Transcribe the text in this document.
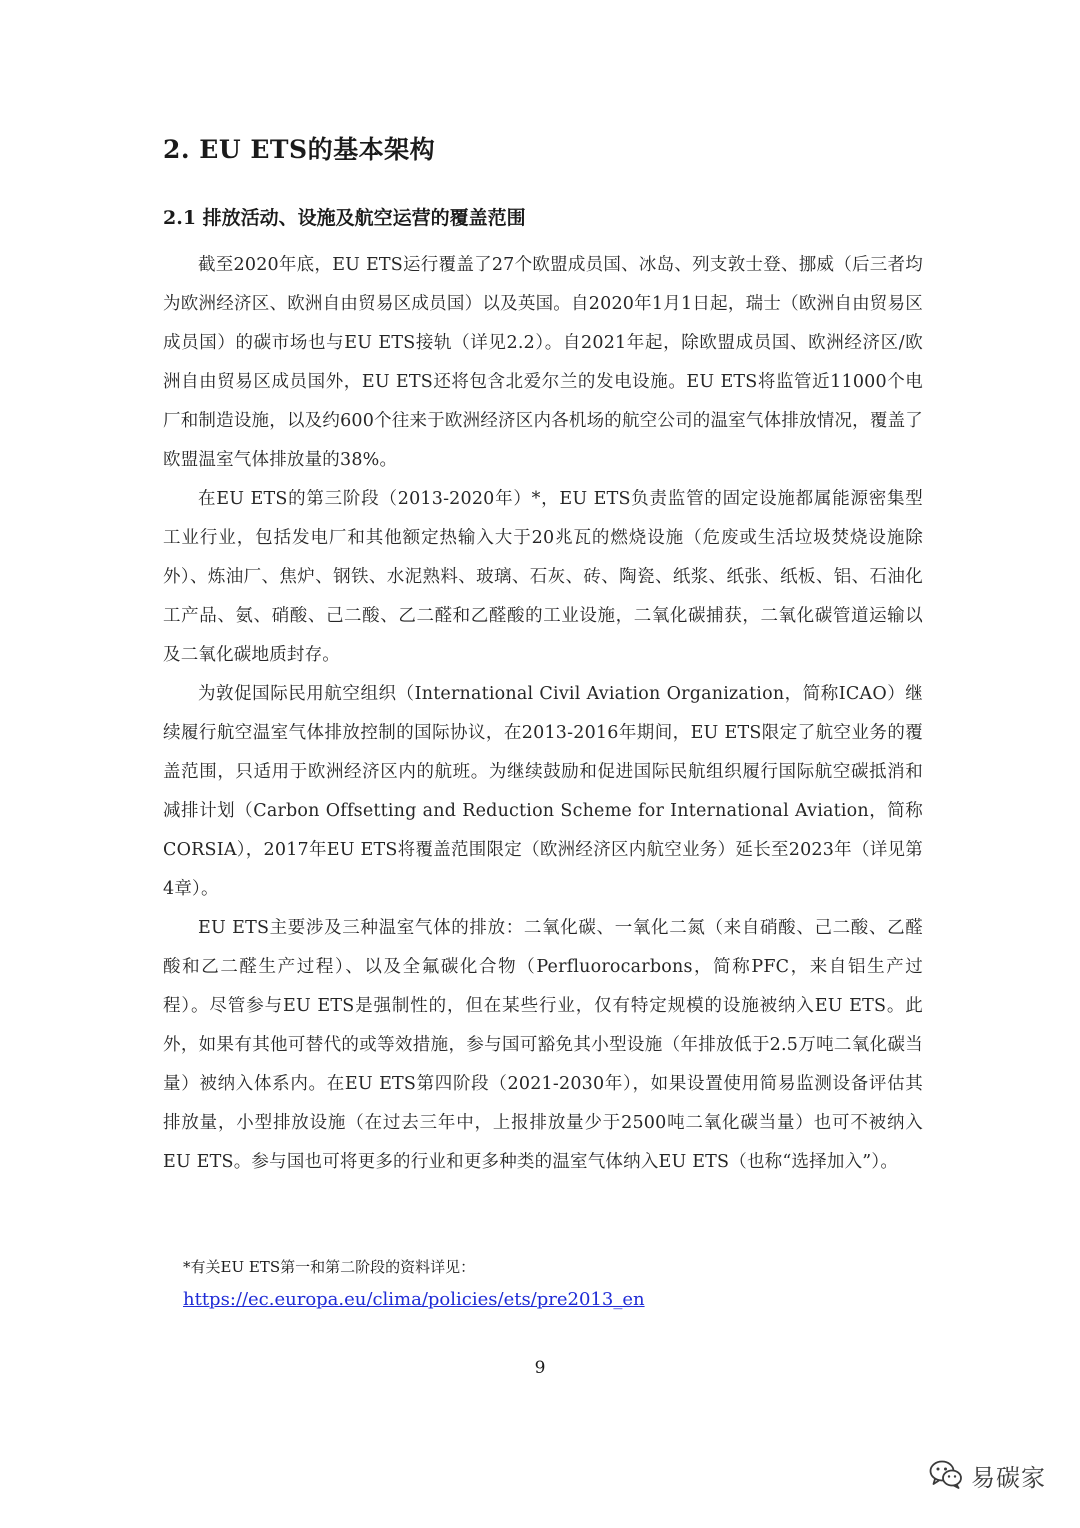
2. EU ETS的基本架构
2.1 排放活动、设施及航空运营的覆盖范围

截至2020年底，EU ETS运行覆盖了27个欧盟成员国、冰岛、列支敦士登、挪威（后三者均为欧洲经济区、欧洲自由贸易区成员国）以及英国。自2020年1月1日起，瑞士（欧洲自由贸易区成员国）的碳市场也与EU ETS接轨（详见2.2）。自2021年起，除欧盟成员国、欧洲经济区/欧洲自由贸易区成员国外，EU ETS还将包含北爱尔兰的发电设施。EU ETS将监管近11000个电厂和制造设施，以及约600个往来于欧洲经济区内各机场的航空公司的温室气体排放情况，覆盖了欧盟温室气体排放量的38%。

在EU ETS的第三阶段（2013-2020年）*，EU ETS负责监管的固定设施都属能源密集型工业行业，包括发电厂和其他额定热输入大于20兆瓦的燃烧设施（危废或生活垃圾焚烧设施除外）、炼油厂、焦炉、钢铁、水泥熟料、玻璃、石灰、砖、陶瓷、纸浆、纸张、纸板、铝、石油化工产品、氨、硝酸、己二酸、乙二醛和乙醛酸的工业设施，二氧化碳捕获，二氧化碳管道运输以及二氧化碳地质封存。

为敦促国际民用航空组织（International Civil Aviation Organization，简称ICAO）继续履行航空温室气体排放控制的国际协议，在2013-2016年期间，EU ETS限定了航空业务的覆盖范围，只适用于欧洲经济区内的航班。为继续鼓励和促进国际民航组织履行国际航空碳抵消和减排计划（Carbon Offsetting and Reduction Scheme for International Aviation，简称CORSIA），2017年EU ETS将覆盖范围限定（欧洲经济区内航空业务）延长至2023年（详见第4章）。

EU ETS主要涉及三种温室气体的排放：二氧化碳、一氧化二氮（来自硝酸、己二酸、乙醛酸和乙二醛生产过程）、以及全氟碳化合物（Perfluorocarbons，简称PFC，来自铝生产过程）。尽管参与EU ETS是强制性的，但在某些行业，仅有特定规模的设施被纳入EU ETS。此外，如果有其他可替代的或等效措施，参与国可豁免其小型设施（年排放低于2.5万吨二氧化碳当量）被纳入体系内。在EU ETS第四阶段（2021-2030年），如果设置使用简易监测设备评估其排放量，小型排放设施（在过去三年中，上报排放量少于2500吨二氧化碳当量）也可不被纳入EU ETS。参与国也可将更多的行业和更多种类的温室气体纳入EU ETS（也称“选择加入”）。

*有关EU ETS第一和第二阶段的资料详见：
https://ec.europa.eu/clima/policies/ets/pre2013_en
9
易碳家
